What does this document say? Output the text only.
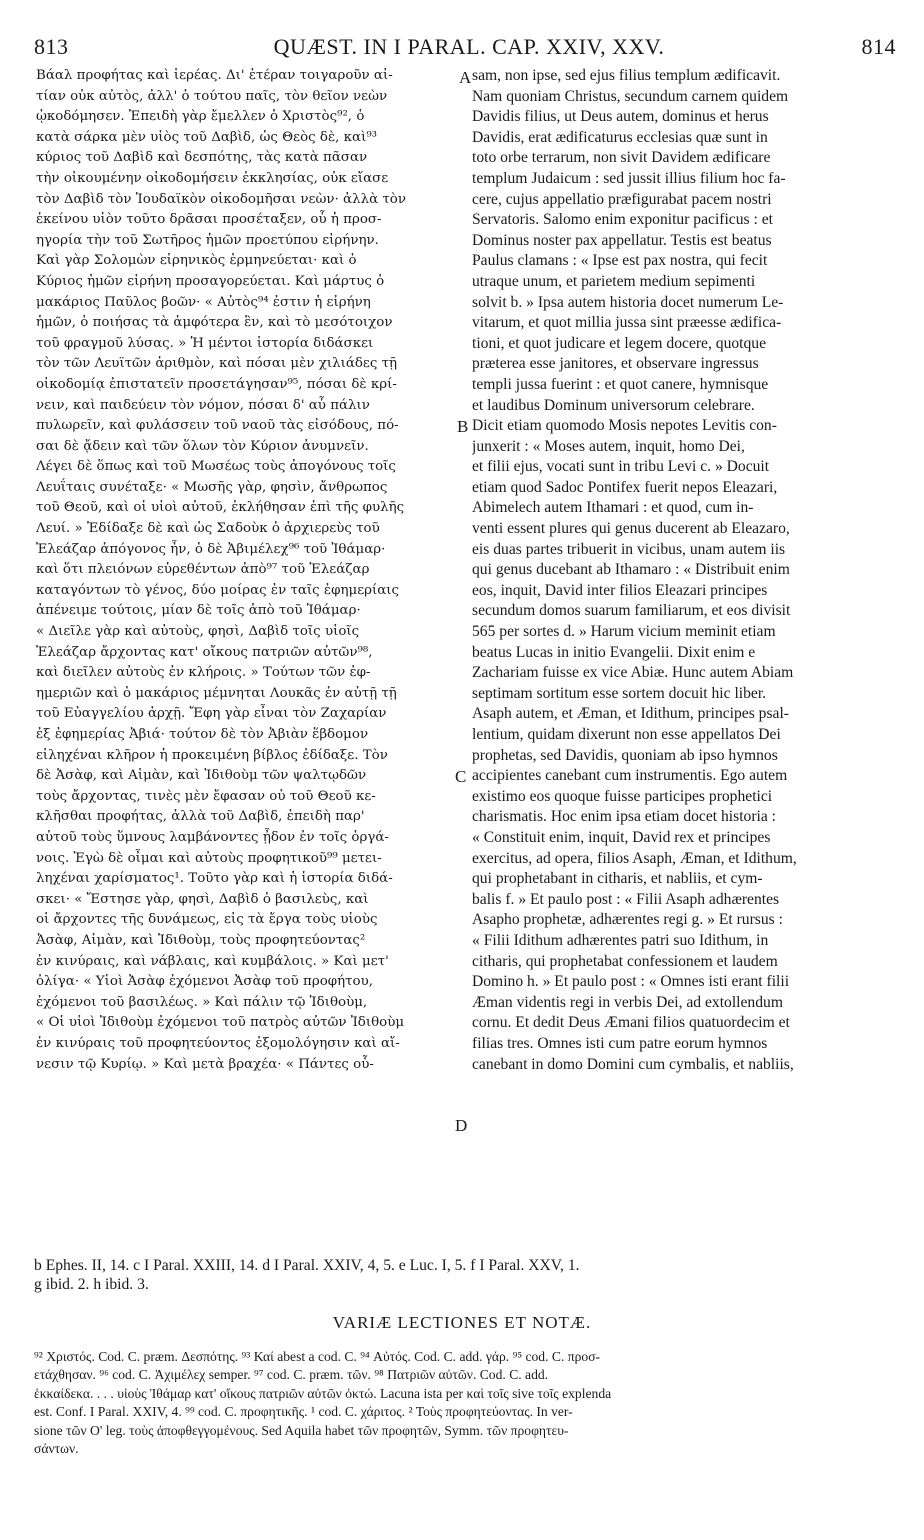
813	QUÆST. IN I PARAL. CAP. XXIV, XXV.	814
Βάαλ προφήτας καὶ ἱερέας. Δι' ἑτέραν τοιγαροῦν αἰ-
τίαν οὐκ αὐτὸς, ἀλλ' ὁ τούτου παῖς, τὸν θεῖον νεὼν
ᾠκοδόμησεν. Ἐπειδὴ γὰρ ἔμελλεν ὁ Χριστὸς⁹², ὁ
κατὰ σάρκα μὲν υἱὸς τοῦ Δαβὶδ, ὡς Θεὸς δὲ, καὶ⁹³
κύριος τοῦ Δαβὶδ καὶ δεσπότης, τὰς κατὰ πᾶσαν
τὴν οἰκουμένην οἰκοδομήσειν ἐκκλησίας, οὐκ εἴασε
τὸν Δαβὶδ τὸν Ἰουδαϊκὸν οἰκοδομῆσαι νεὼν· ἀλλὰ τὸν
ἐκείνου υἱὸν τοῦτο δρᾶσαι προσέταξεν, οὗ ἡ προσ-
ηγορία τὴν τοῦ Σωτῆρος ἡμῶν προετύπου εἰρήνην.
Καὶ γὰρ Σολομὼν εἰρηνικὸς ἑρμηνεύεται· καὶ ὁ
Κύριος ἡμῶν εἰρήνη προσαγορεύεται. Καὶ μάρτυς ὁ
μακάριος Παῦλος βοῶν· « Αὐτὸς⁹⁴ ἐστιν ἡ εἰρήνη
ἡμῶν, ὁ ποιήσας τὰ ἀμφότερα ἓν, καὶ τὸ μεσότοιχον
τοῦ φραγμοῦ λύσας. » Ἡ μέντοι ἱστορία διδάσκει
τὸν τῶν Λευϊτῶν ἀριθμὸν, καὶ πόσαι μὲν χιλιάδες τῇ
οἰκοδομίᾳ ἐπιστατεῖν προσετάγησαν⁹⁵, πόσαι δὲ κρί-
νειν, καὶ παιδεύειν τὸν νόμον, πόσαι δ' αὖ πάλιν
πυλωρεῖν, καὶ φυλάσσειν τοῦ ναοῦ τὰς εἰσόδους, πό-
σαι δὲ ᾄδειν καὶ τῶν ὅλων τὸν Κύριον ἀνυμνεῖν.
Λέγει δὲ ὅπως καὶ τοῦ Μωσέως τοὺς ἀπογόνους τοῖς
Λευΐταις συνέταξε· « Μωσῆς γὰρ, φησὶν, ἄνθρωπος
τοῦ Θεοῦ, καὶ οἱ υἱοὶ αὐτοῦ, ἐκλήθησαν ἐπὶ τῆς φυλῆς
Λευί. » Ἐδίδαξε δὲ καὶ ὡς Σαδοὺκ ὁ ἀρχιερεὺς τοῦ
Ἐλεάζαρ ἀπόγονος ἦν, ὁ δὲ Ἀβιμέλεχ⁹⁶ τοῦ Ἰθάμαρ·
καὶ ὅτι πλειόνων εὑρεθέντων ἀπὸ⁹⁷ τοῦ Ἐλεάζαρ
καταγόντων τὸ γένος, δύο μοίρας ἐν ταῖς ἐφημερίαις
ἀπένειμε τούτοις, μίαν δὲ τοῖς ἀπὸ τοῦ Ἰθάμαρ·
« Διεῖλε γὰρ καὶ αὐτοὺς, φησὶ, Δαβὶδ τοῖς υἱοῖς
Ἐλεάζαρ ἄρχοντας κατ' οἴκους πατριῶν αὐτῶν⁹⁸,
καὶ διεῖλεν αὐτοὺς ἐν κλήροις. » Τούτων τῶν ἐφ-
ημεριῶν καὶ ὁ μακάριος μέμνηται Λουκᾶς ἐν αὐτῇ τῇ
τοῦ Εὐαγγελίου ἀρχῇ. Ἔφη γὰρ εἶναι τὸν Ζαχαρίαν
ἐξ ἐφημερίας Ἀβιά· τούτον δὲ τὸν Ἀβιὰν ἕβδομον
εἰληχέναι κλῆρον ἡ προκειμένη βίβλος ἐδίδαξε. Τὸν
δὲ Ἀσὰφ, καὶ Αἱμὰν, καὶ Ἰδιθοὺμ τῶν ψαλτῳδῶν
τοὺς ἄρχοντας, τινὲς μὲν ἔφασαν οὐ τοῦ Θεοῦ κε-
κλῆσθαι προφήτας, ἀλλὰ τοῦ Δαβὶδ, ἐπειδὴ παρ'
αὐτοῦ τοὺς ὕμνους λαμβάνοντες ᾖδον ἐν τοῖς ὀργά-
νοις. Ἐγὼ δὲ οἶμαι καὶ αὐτοὺς προφητικοῦ⁹⁹ μετει-
ληχέναι χαρίσματος¹. Τοῦτο γὰρ καὶ ἡ ἱστορία διδά-
σκει· « Ἔστησε γὰρ, φησὶ, Δαβὶδ ὁ βασιλεὺς, καὶ
οἱ ἄρχοντες τῆς δυνάμεως, εἰς τὰ ἔργα τοὺς υἱοὺς
Ἀσὰφ, Αἱμὰν, καὶ Ἰδιθοὺμ, τοὺς προφητεύοντας²
ἐν κινύραις, καὶ νάβλαις, καὶ κυμβάλοις. » Καὶ μετ'
ὀλίγα· « Υἱοὶ Ἀσὰφ ἐχόμενοι Ἀσὰφ τοῦ προφήτου,
ἐχόμενοι τοῦ βασιλέως. » Καὶ πάλιν τῷ Ἰδιθοὺμ,
« Οἱ υἱοὶ Ἰδιθοὺμ ἐχόμενοι τοῦ πατρὸς αὐτῶν Ἰδιθοὺμ
ἐν κινύραις τοῦ προφητεύοντος ἐξομολόγησιν καὶ αἴ-
νεσιν τῷ Κυρίῳ. » Καὶ μετὰ βραχέα· « Πάντες οὗ-
sam, non ipse, sed ejus filius templum ædificavit.
Nam quoniam Christus, secundum carnem quidem
Davidis filius, ut Deus autem, dominus et herus
Davidis, erat ædificaturus ecclesias quæ sunt in
toto orbe terrarum, non sivit Davidem ædificare
templum Judaicum : sed jussit illius filium hoc fa-
cere, cujus appellatio præfigurabat pacem nostri
Servatoris. Salomo enim exponitur pacificus : et
Dominus noster pax appellatur. Testis est beatus
Paulus clamans : « Ipse est pax nostra, qui fecit
utraque unum, et parietem medium sepimenti
solvit b. » Ipsa autem historia docet numerum Le-
vitarum, et quot millia jussa sint præesse ædifica-
tioni, et quot judicare et legem docere, quotque
præterea esse janitores, et observare ingressus
templi jussa fuerint : et quot canere, hymnisque
et laudibus Dominum universorum celebrare.
Dicit etiam quomodo Mosis nepotes Levitis con-
junxerit : « Moses autem, inquit, homo Dei,
et filii ejus, vocati sunt in tribu Levi c. » Docuit
etiam quod Sadoc Pontifex fuerit nepos Eleazari,
Abimelech autem Ithamari : et quod, cum in-
venti essent plures qui genus ducerent ab Eleazaro,
eis duas partes tribuerit in vicibus, unam autem iis
qui genus ducebant ab Ithamaro : « Distribuit enim
eos, inquit, David inter filios Eleazari principes
secundum domos suarum familiarum, et eos divisit
565 per sortes d. » Harum vicium meminit etiam
beatus Lucas in initio Evangelii. Dixit enim e
Zachariam fuisse ex vice Abiæ. Hunc autem Abiam
septimam sortitum esse sortem docuit hic liber.
Asaph autem, et Æman, et Idithum, principes psal-
lentium, quidam dixerunt non esse appellatos Dei
prophetas, sed Davidis, quoniam ab ipso hymnos
accipientes canebant cum instrumentis. Ego autem
existimo eos quoque fuisse participes prophetici
charismatis. Hoc enim ipsa etiam docet historia :
« Constituit enim, inquit, David rex et principes
exercitus, ad opera, filios Asaph, Æman, et Idithum,
qui prophetabant in citharis, et nabliis, et cym-
balis f. » Et paulo post : « Filii Asaph adhærentes
Asapho prophetæ, adhærentes regi g. » Et rursus :
« Filii Idithum adhærentes patri suo Idithum, in
citharis, qui prophetabat confessionem et laudem
Domino h. » Et paulo post : « Omnes isti erant filii
Æman videntis regi in verbis Dei, ad extollendum
cornu. Et dedit Deus Æmani filios quatuordecim et
filias tres. Omnes isti cum patre eorum hymnos
canebant in domo Domini cum cymbalis, et nabliis,
A
B
C
D
b Ephes. II, 14. c I Paral. XXIII, 14. d I Paral. XXIV, 4, 5. e Luc. I, 5. f I Paral. XXV, 1.
g ibid. 2. h ibid. 3.
VARIÆ LECTIONES ET NOTÆ.
⁹² Χριστός. Cod. C. præm. Δεσπότης. ⁹³ Καί abest a cod. C. ⁹⁴ Αὐτός. Cod. C. add. γάρ. ⁹⁵ cod. C. προσ-
ετάχθησαν. ⁹⁶ cod. C. Ἀχιμέλεχ semper. ⁹⁷ cod. C. præm. τῶν. ⁹⁸ Πατριῶν αὐτῶν. Cod. C. add.
ἑκκαίδεκα. . . . υἱοὺς Ἰθάμαρ κατ' οἴκους πατριῶν αὐτῶν ὀκτώ. Lacuna ista per καὶ τοῖς sive τοῖς explenda
est. Conf. I Paral. XXIV, 4. ⁹⁹ cod. C. προφητικῆς. ¹ cod. C. χάριτος. ² Τοὺς προφητεύοντας. In ver-
sione τῶν Ο' leg. τοὺς ἀποφθεγγομένους. Sed Aquila habet τῶν προφητῶν, Symm. τῶν προφητευ-
σάντων.
